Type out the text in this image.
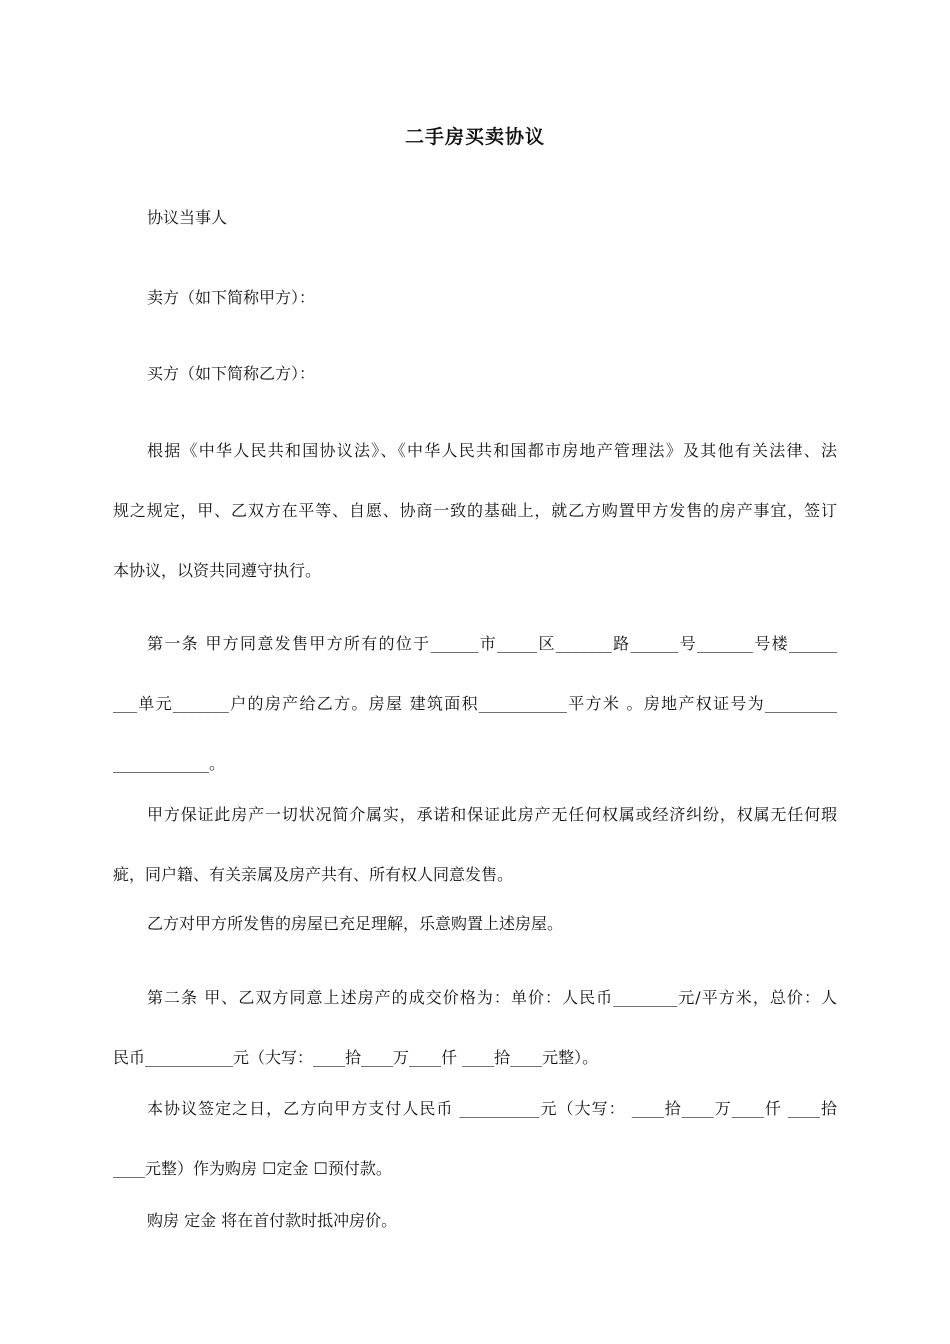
二手房买卖协议
协议当事人
卖方（如下简称甲方）：
买方（如下简称乙方）：
根据《中华人民共和国协议法》、《中华人民共和国都市房地产管理法》及其他有关法律、法
规之规定，甲、乙双方在平等、自愿、协商一致的基础上，就乙方购置甲方发售的房产事宜，签订
本协议，以资共同遵守执行。
第一条 甲方同意发售甲方所有的位于______市_____区_______路______号_______号楼______
___单元_______户的房产给乙方。房屋 建筑面积___________平方米 。房地产权证号为_________
____________。
甲方保证此房产一切状况简介属实，承诺和保证此房产无任何权属或经济纠纷，权属无任何瑕
疵，同户籍、有关亲属及房产共有、所有权人同意发售。
乙方对甲方所发售的房屋已充足理解，乐意购置上述房屋。
第二条 甲、乙双方同意上述房产的成交价格为：单价：人民币________元/平方米，总价：人
民币___________元（大写：____拾____万____仟 ____拾____元整）。
本协议签定之日，乙方向甲方支付人民币 __________元（大写： ____拾____万____仟 ____拾
____元整）作为购房 ☐定金 ☐预付款。
购房 定金 将在首付款时抵冲房价。
